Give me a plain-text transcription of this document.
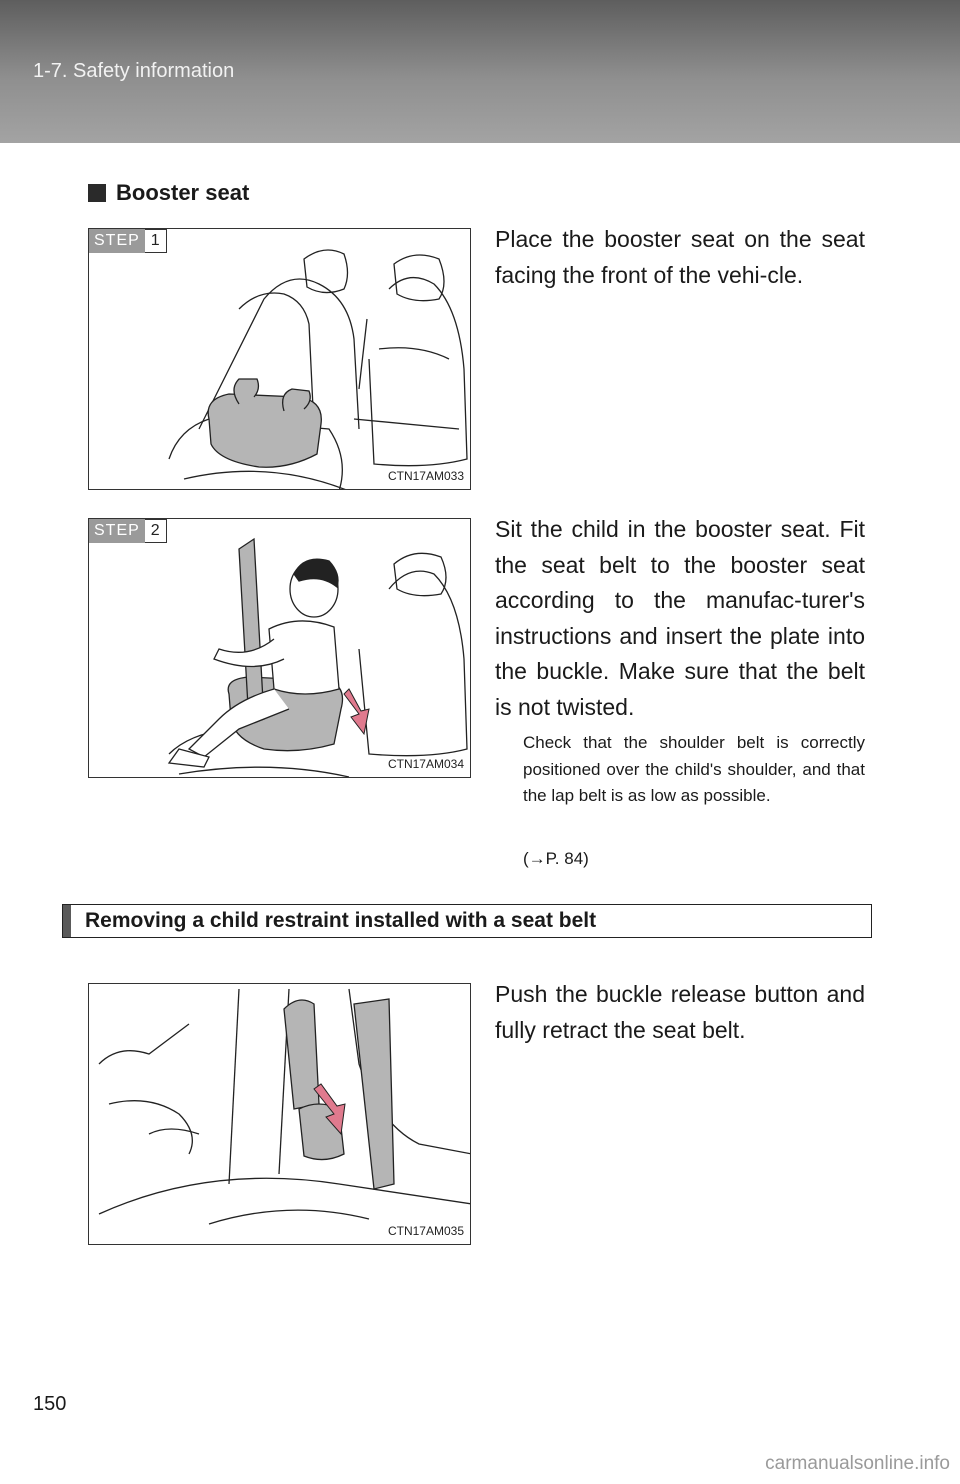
1-7. Safety information
Booster seat
STEP 1
CTN17AM033
Place the booster seat on the seat facing the front of the vehi-cle.
STEP 2
CTN17AM034
Sit the child in the booster seat. Fit the seat belt to the booster seat according to the manufac-turer's instructions and insert the plate into the buckle. Make sure that the belt is not twisted.
Check that the shoulder belt is correctly positioned over the child's shoulder, and that the lap belt is as low as possible.
(→P. 84)
Removing a child restraint installed with a seat belt
CTN17AM035
Push the buckle release button and fully retract the seat belt.
150
carmanualsonline.info
